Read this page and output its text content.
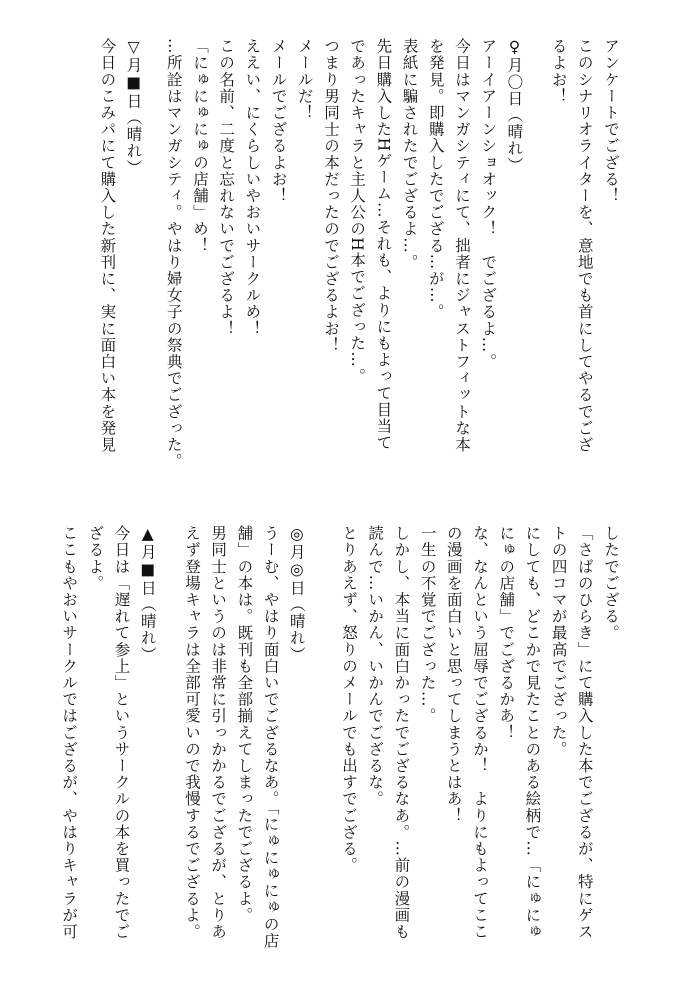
アンケートでござる！
このシナリオライターを、意地でも首にしてやるでござ
るよお！
♀月〇日（晴れ）
アーイアーンショオック！　でござるよ…。
今日はマンガシティにて、拙者にジャストフィットな本
を発見。即購入したでござる…が…。
表紙に騙されたでござるよ…。
先日購入したHゲーム…それも、よりにもよって目当て
であったキャラと主人公のH本でござった…。
つまり男同士の本だったのでござるよお！
メールだ！
メールでござるよお！
ええい、にくらしいやおいサークルめ！
この名前、二度と忘れないでござるよ！
「にゅにゅにゅの店舗」め！
…所詮はマンガシティ。やはり婦女子の祭典でござった。
▽月■日（晴れ）
今日のこみパにて購入した新刊に、実に面白い本を発見
したでござる。
「さばのひらき」にて購入した本でござるが、特にゲス
トの四コマが最高でござった。
にしても、どこかで見たことのある絵柄で…「にゅにゅ
にゅの店舗」でござるかあ！
な、なんという屈辱でござるか！　よりにもよってここ
の漫画を面白いと思ってしまうとはあ！
一生の不覚でござった…。
しかし、本当に面白かったでござるなあ。…前の漫画も
読んで…いかん、いかんでござるな。
とりあえず、怒りのメールでも出すでござる。
◎月◎日（晴れ）
うーむ、やはり面白いでござるなあ。「にゅにゅにゅの店
舗」の本は。既刊も全部揃えてしまったでござるよ。
男同士というのは非常に引っかかるでござるが、とりあ
えず登場キャラは全部可愛いので我慢するでござるよ。
▲月■日（晴れ）
今日は「遅れて参上」というサークルの本を買ったでご
ざるよ。
ここもやおいサークルではござるが、やはりキャラが可
